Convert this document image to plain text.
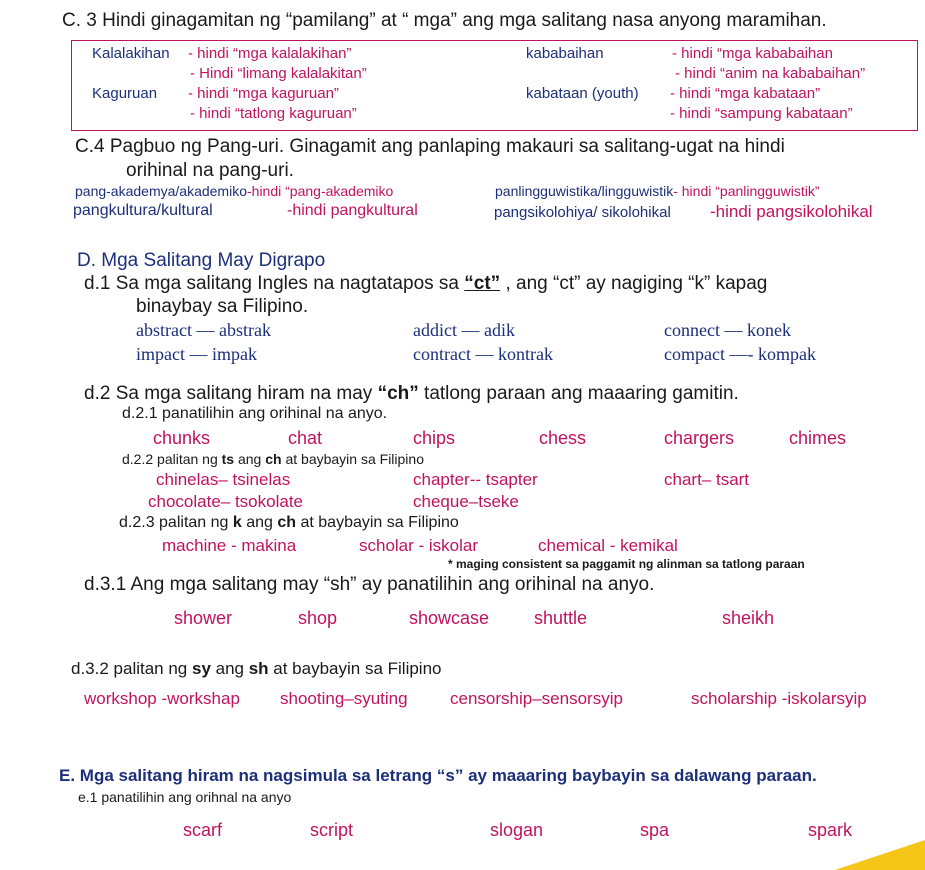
C. 3 Hindi ginagamitan ng “pamilang” at “ mga” ang mga salitang nasa anyong maramihan.
Kalalakihan - hindi “mga kalalakihan”	kababaihan	- hindi “mga kababaihan
- Hindi “limang kalalakitan”	- hindi “anim na kababaihan”
Kaguruan - hindi “mga kaguruan”	kabataan (youth) - hindi “mga kabataan”
- hindi “tatlong kaguruan”	- hindi “sampung kabataan”
C.4 Pagbuo ng Pang-uri. Ginagamit ang panlaping makauri sa salitang-ugat na hindi
orihinal na pang-uri.
pang-akademya/akademiko-hindi “pang-akademiko	panlingguwistika/lingguwistik- hindi “panlingguwistik”
pangkultura/kultural	-hindi pangkultural	pangsikolohiya/ sikolohikal -hindi pangsikolohikal
D. Mga Salitang May Digrapo
d.1 Sa mga salitang Ingles na nagtatapos sa “ct” , ang “ct” ay nagiging “k” kapag
binaybay sa Filipino.
abstract — abstrak	addict — adik	connect — konek
impact — impak	contract — kontrak	compact —- kompak
d.2 Sa mga salitang hiram na may “ch” tatlong paraan ang maaaring gamitin.
d.2.1 panatilihin ang orihinal na anyo.
chunks	chat	chips	chess	chargers	chimes
d.2.2 palitan ng ts ang ch at baybayin sa Filipino
chinelas– tsinelas	chapter-- tsapter	chart– tsart
chocolate– tsokolate	cheque–tseke
d.2.3 palitan ng k ang ch at baybayin sa Filipino
machine - makina	scholar - iskolar	chemical - kemikal
* maging consistent sa paggamit ng alinman sa tatlong paraan
d.3.1 Ang mga salitang may “sh” ay panatilihin ang orihinal na anyo.
shower	shop	showcase shuttle	sheikh
d.3.2 palitan ng sy ang sh at baybayin sa Filipino
workshop -workshap shooting–syuting censorship–sensorsyip	scholarship -iskolarsyip
E. Mga salitang hiram na nagsimula sa letrang “s” ay maaaring baybayin sa dalawang paraan.
e.1 panatilihin ang orihnal na anyo
scarf	script	slogan	spa	spark
